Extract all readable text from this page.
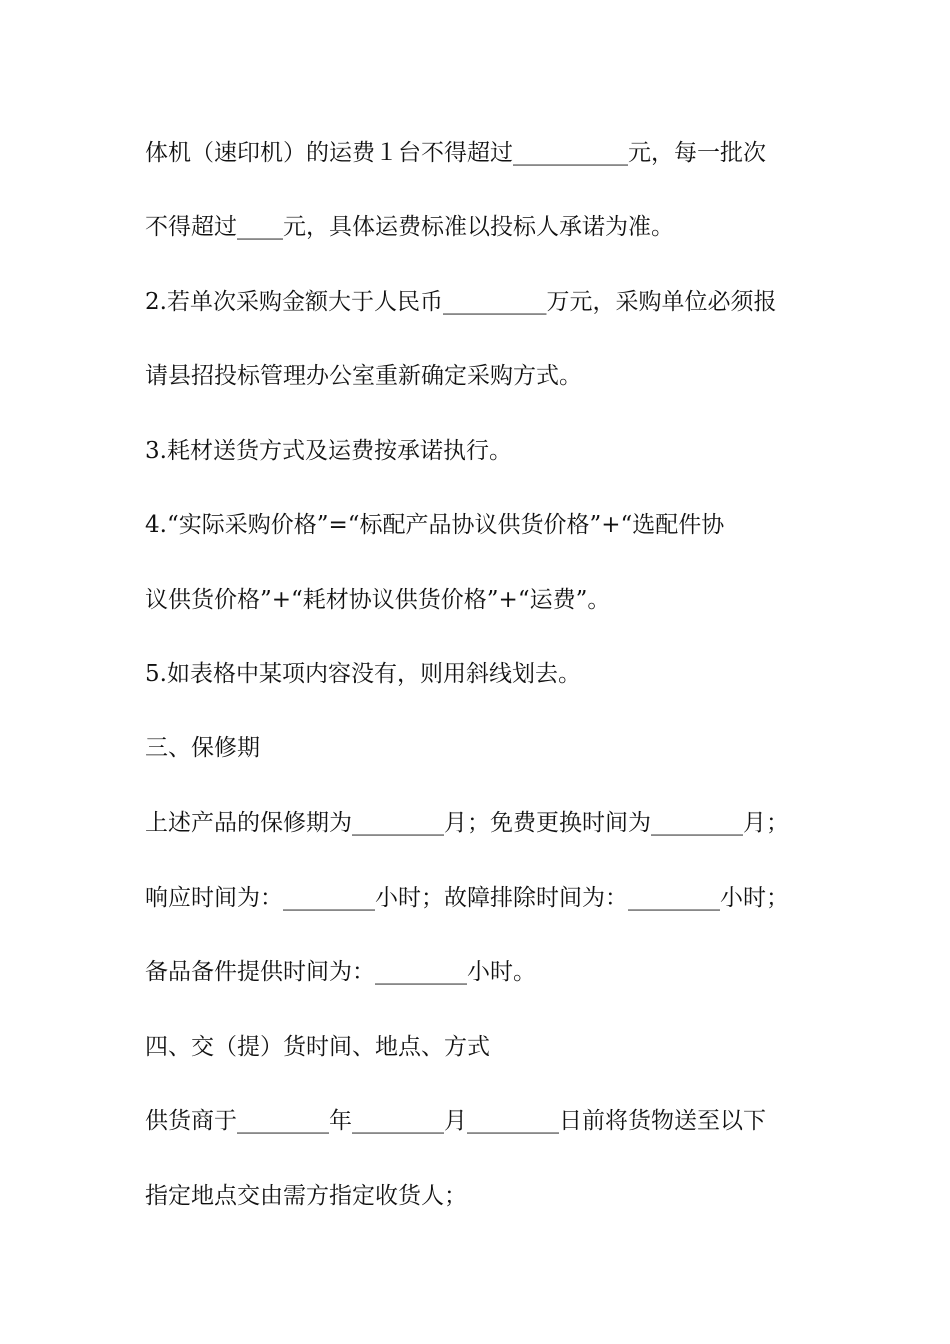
体机（速印机）的运费１台不得超过__________元，每一批次
不得超过____元，具体运费标准以投标人承诺为准。
2.若单次采购金额大于人民币_________万元，采购单位必须报
请县招投标管理办公室重新确定采购方式。
3.耗材送货方式及运费按承诺执行。
4.“实际采购价格”=“标配产品协议供货价格”+“选配件协
议供货价格”+“耗材协议供货价格”+“运费”。
5.如表格中某项内容没有，则用斜线划去。
三、保修期
上述产品的保修期为________月；免费更换时间为________月；
响应时间为：________小时；故障排除时间为：________小时；
备品备件提供时间为：________小时。
四、交（提）货时间、地点、方式
供货商于________年________月________日前将货物送至以下
指定地点交由需方指定收货人；
